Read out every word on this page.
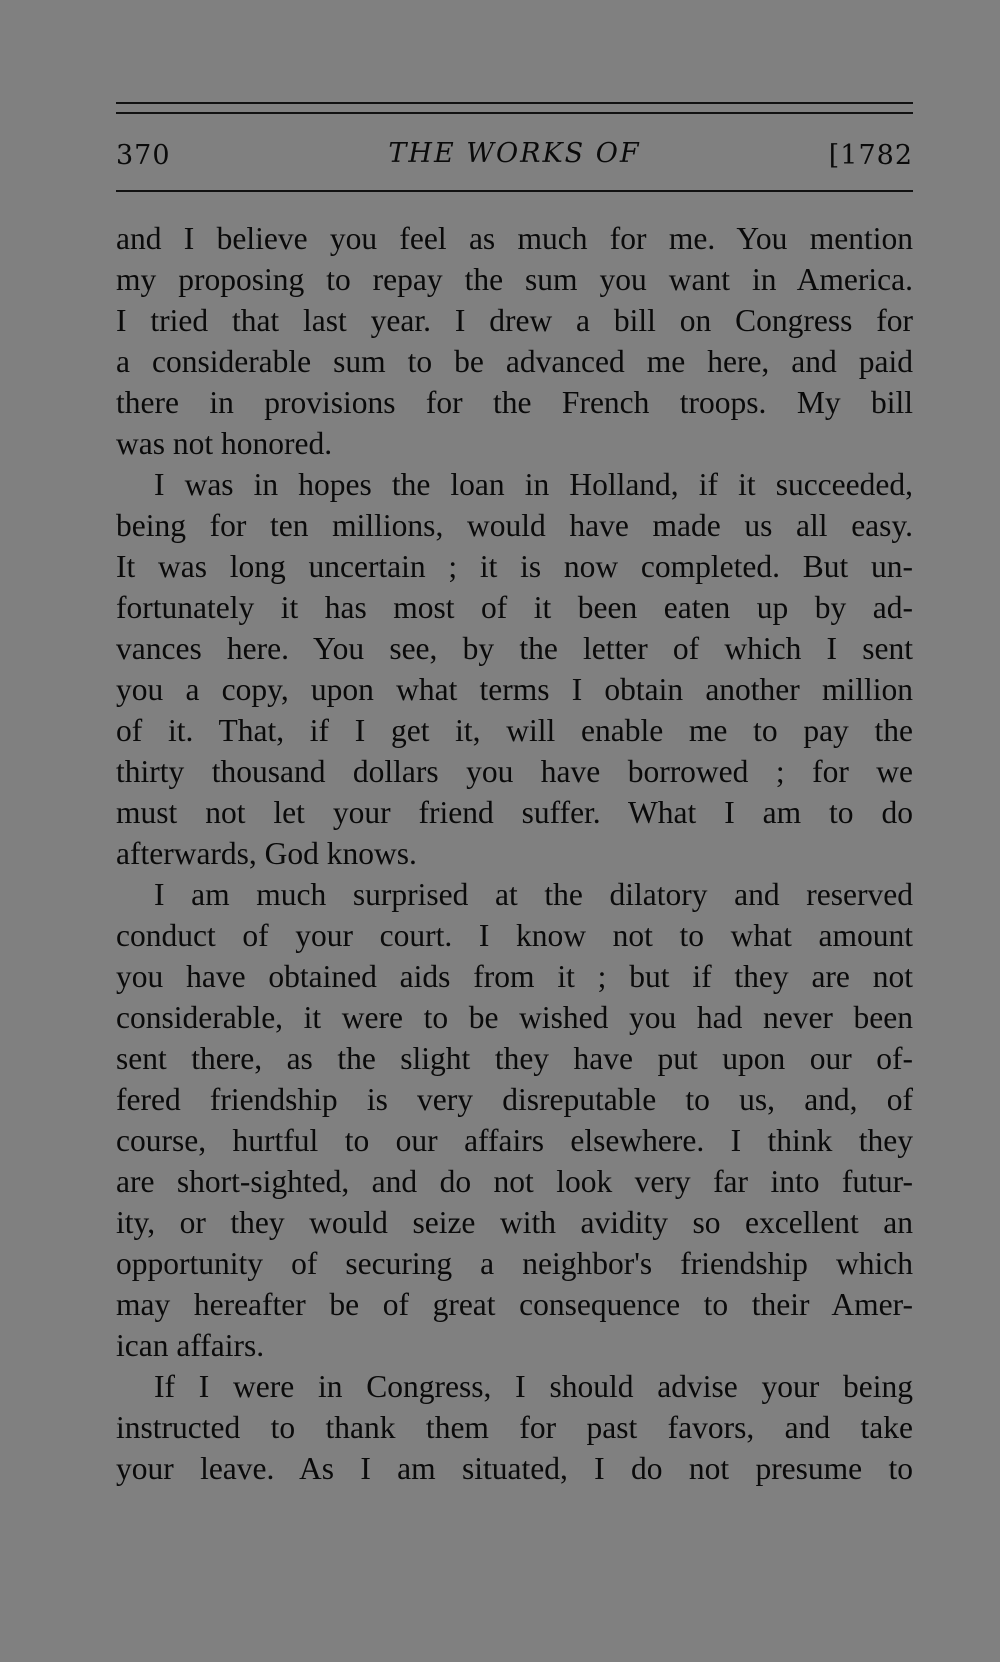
370	THE WORKS OF	[1782
and I believe you feel as much for me. You mention
my proposing to repay the sum you want in America.
I tried that last year. I drew a bill on Congress for
a considerable sum to be advanced me here, and paid
there in provisions for the French troops. My bill
was not honored.
I was in hopes the loan in Holland, if it succeeded,
being for ten millions, would have made us all easy.
It was long uncertain ; it is now completed. But un-
fortunately it has most of it been eaten up by ad-
vances here. You see, by the letter of which I sent
you a copy, upon what terms I obtain another million
of it. That, if I get it, will enable me to pay the
thirty thousand dollars you have borrowed ; for we
must not let your friend suffer. What I am to do
afterwards, God knows.
I am much surprised at the dilatory and reserved
conduct of your court. I know not to what amount
you have obtained aids from it ; but if they are not
considerable, it were to be wished you had never been
sent there, as the slight they have put upon our of-
fered friendship is very disreputable to us, and, of
course, hurtful to our affairs elsewhere. I think they
are short-sighted, and do not look very far into futur-
ity, or they would seize with avidity so excellent an
opportunity of securing a neighbor's friendship which
may hereafter be of great consequence to their Amer-
ican affairs.
If I were in Congress, I should advise your being
instructed to thank them for past favors, and take
your leave. As I am situated, I do not presume to
